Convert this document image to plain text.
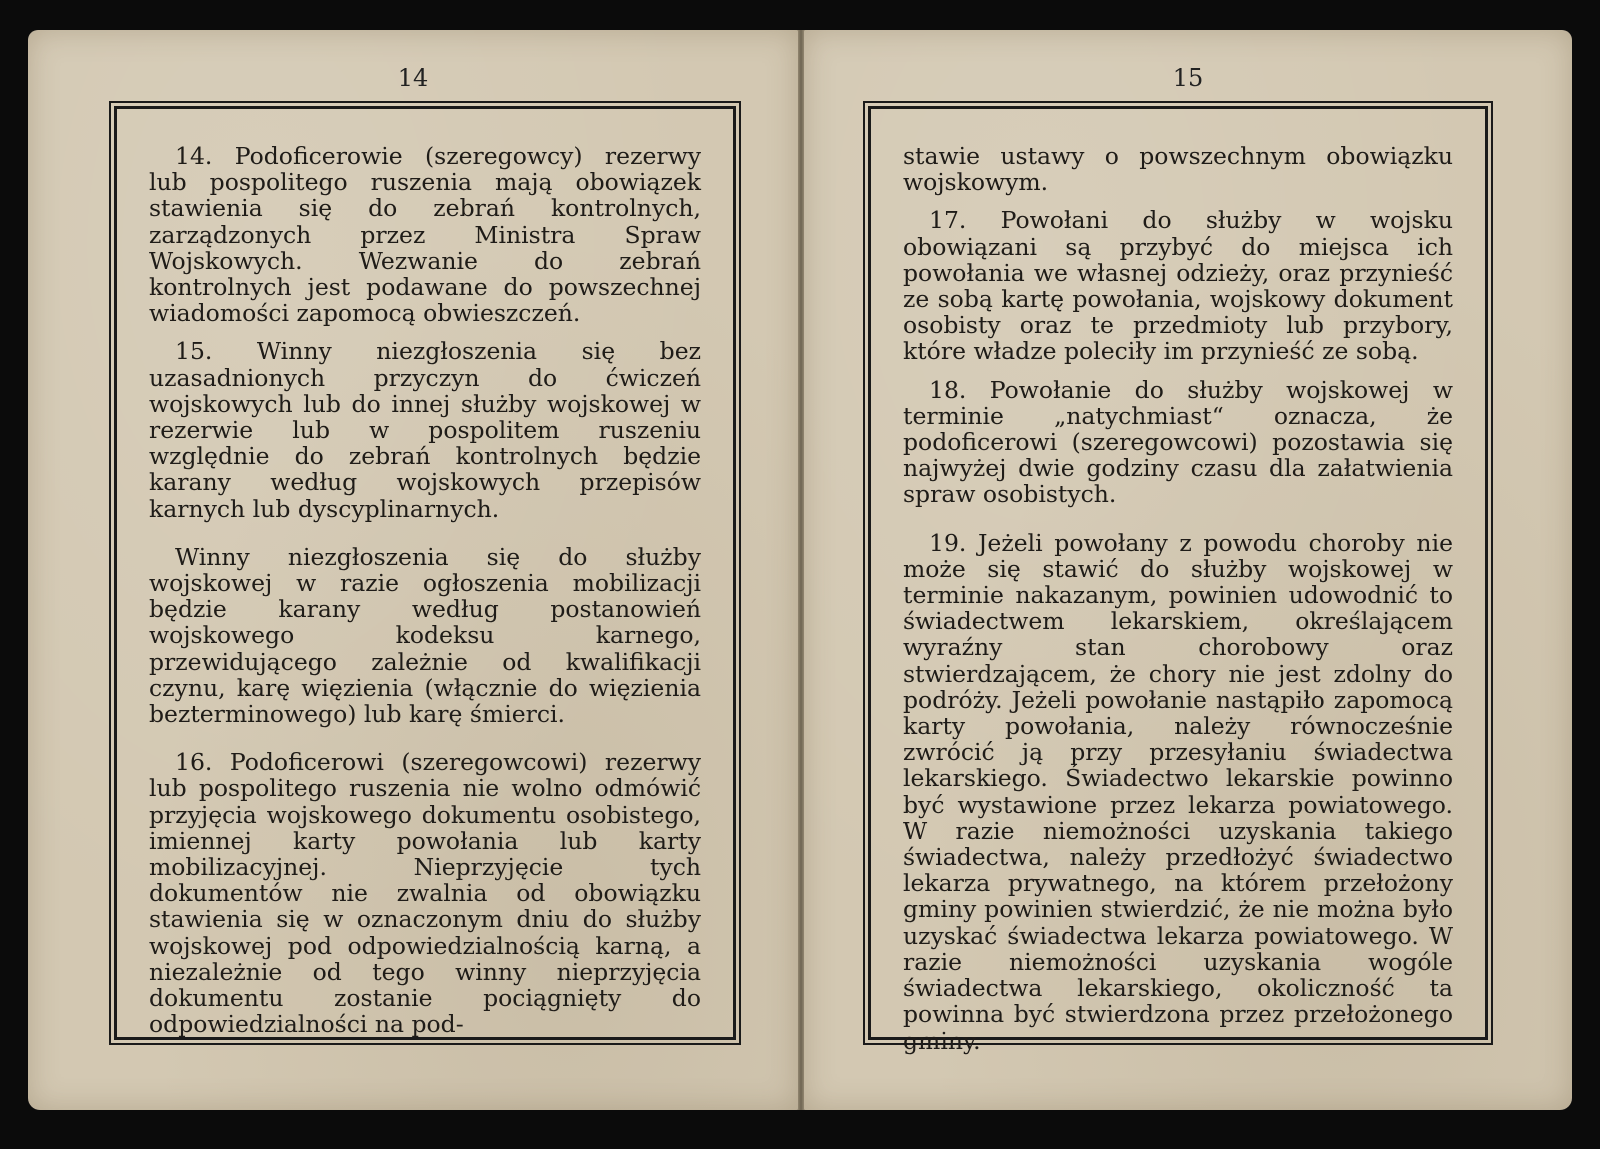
14

14. Podoficerowie (szeregowcy) rezerwy lub pospolitego ruszenia mają obowiązek stawienia się do zebrań kontrolnych, zarządzonych przez Ministra Spraw Wojskowych. Wezwanie do zebrań kontrolnych jest podawane do powszechnej wiadomości zapomocą obwieszczeń.

15. Winny niezgłoszenia się bez uzasadnionych przyczyn do ćwiczeń wojskowych lub do innej służby wojskowej w rezerwie lub w pospolitem ruszeniu względnie do zebrań kontrolnych będzie karany według wojskowych przepisów karnych lub dyscyplinarnych.

Winny niezgłoszenia się do służby wojskowej w razie ogłoszenia mobilizacji będzie karany według postanowień wojskowego kodeksu karnego, przewidującego zależnie od kwalifikacji czynu, karę więzienia (włącznie do więzienia bezterminowego) lub karę śmierci.

16. Podoficerowi (szeregowcowi) rezerwy lub pospolitego ruszenia nie wolno odmówić przyjęcia wojskowego dokumentu osobistego, imiennej karty powołania lub karty mobilizacyjnej. Nieprzyjęcie tych dokumentów nie zwalnia od obowiązku stawienia się w oznaczonym dniu do służby wojskowej pod odpowiedzialnością karną, a niezależnie od tego winny nieprzyjęcia dokumentu zostanie pociągnięty do odpowiedzialności na pod-

15

stawie ustawy o powszechnym obowiązku wojskowym.

17. Powołani do służby w wojsku obowiązani są przybyć do miejsca ich powołania we własnej odzieży, oraz przynieść ze sobą kartę powołania, wojskowy dokument osobisty oraz te przedmioty lub przybory, które władze poleciły im przynieść ze sobą.

18. Powołanie do służby wojskowej w terminie „natychmiast“ oznacza, że podoficerowi (szeregowcowi) pozostawia się najwyżej dwie godziny czasu dla załatwienia spraw osobistych.

19. Jeżeli powołany z powodu choroby nie może się stawić do służby wojskowej w terminie nakazanym, powinien udowodnić to świadectwem lekarskiem, określającem wyraźny stan chorobowy oraz stwierdzającem, że chory nie jest zdolny do podróży. Jeżeli powołanie nastąpiło zapomocą karty powołania, należy równocześnie zwrócić ją przy przesyłaniu świadectwa lekarskiego. Świadectwo lekarskie powinno być wystawione przez lekarza powiatowego. W razie niemożności uzyskania takiego świadectwa, należy przedłożyć świadectwo lekarza prywatnego, na którem przełożony gminy powinien stwierdzić, że nie można było uzyskać świadectwa lekarza powiatowego. W razie niemożności uzyskania wogóle świadectwa lekarskiego, okoliczność ta powinna być stwierdzona przez przełożonego gminy.
